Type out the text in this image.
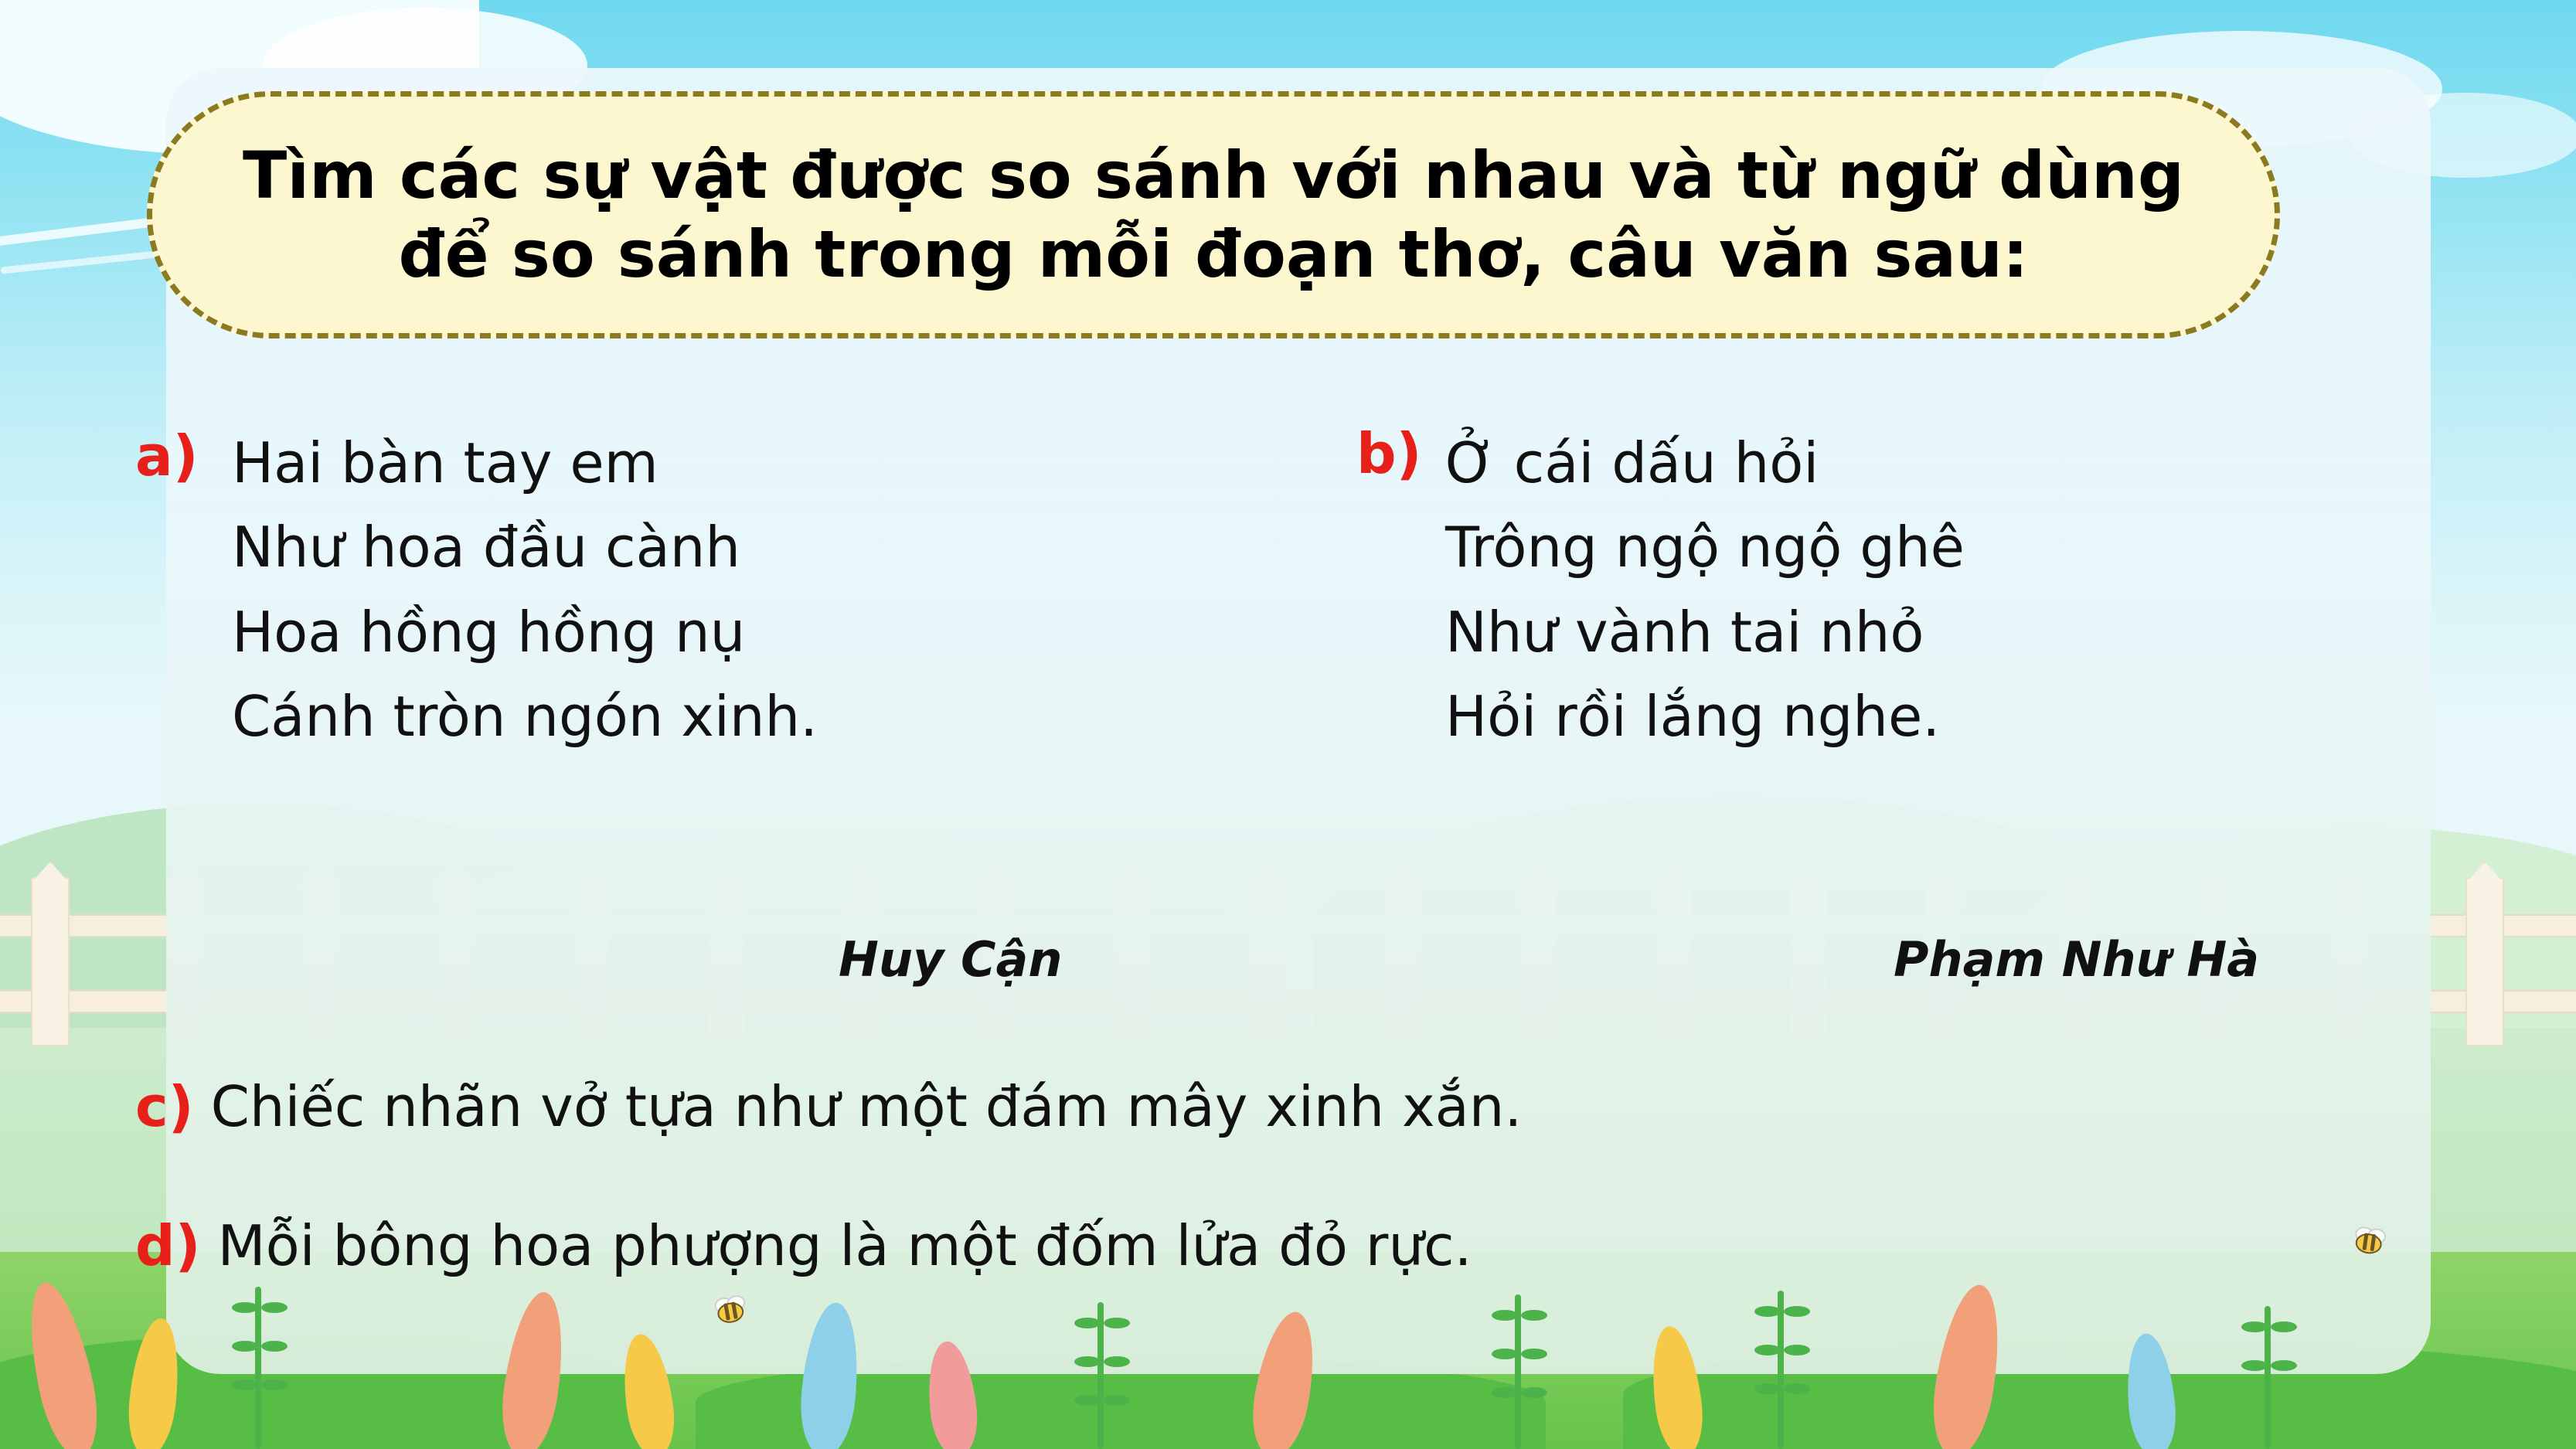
Tìm các sự vật được so sánh với nhau và từ ngữ dùng để so sánh trong mỗi đoạn thơ, câu văn sau:
a) Hai bàn tay em
Như hoa đầu cành
Hoa hồng hồng nụ
Cánh tròn ngón xinh.
Huy Cận
b) Ở cái dấu hỏi
Trông ngộ ngộ ghê
Như vành tai nhỏ
Hỏi rồi lắng nghe.
Phạm Như Hà
c) Chiếc nhãn vở tựa như một đám mây xinh xắn.
d) Mỗi bông hoa phượng là một đốm lửa đỏ rực.
